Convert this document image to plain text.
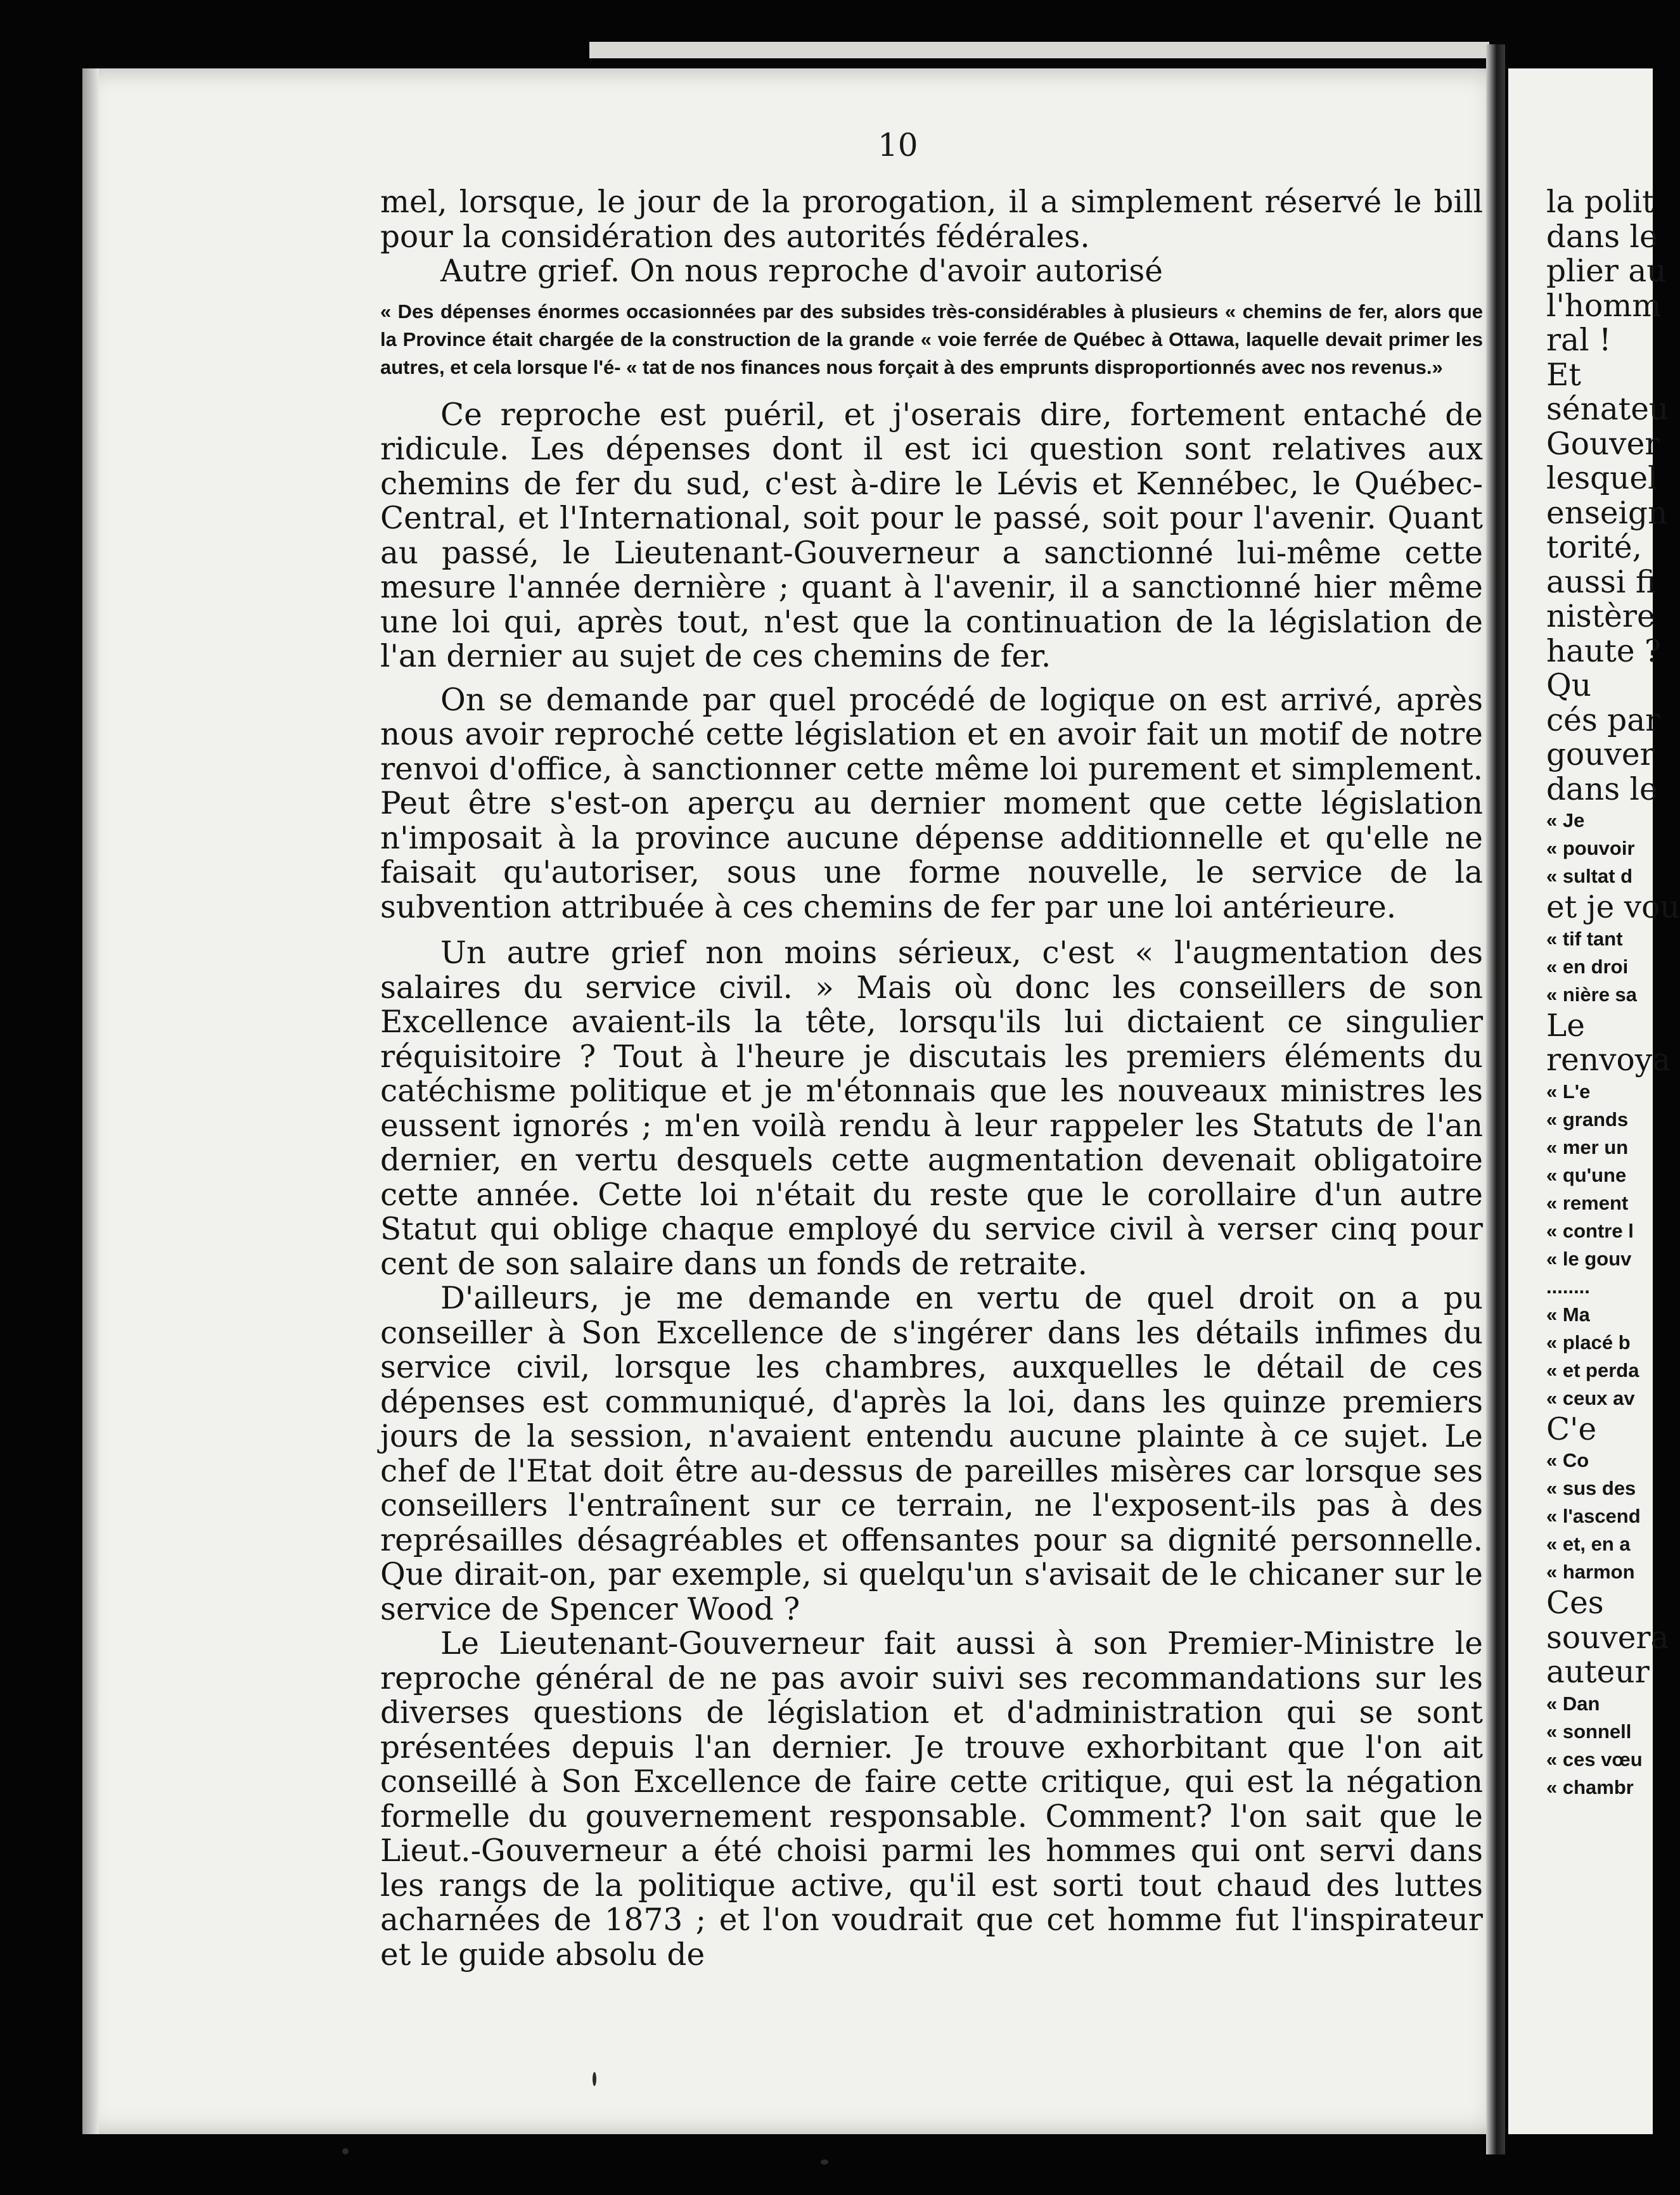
10

mel, lorsque, le jour de la prorogation, il a simplement réservé le bill pour la considération des autorités fédérales.

Autre grief. On nous reproche d'avoir autorisé

« Des dépenses énormes occasionnées par des subsides très-considérables à plusieurs « chemins de fer, alors que la Province était chargée de la construction de la grande « voie ferrée de Québec à Ottawa, laquelle devait primer les autres, et cela lorsque l'é- « tat de nos finances nous forçait à des emprunts disproportionnés avec nos revenus.»

Ce reproche est puéril, et j'oserais dire, fortement entaché de ridicule. Les dépenses dont il est ici question sont relatives aux chemins de fer du sud, c'est à-dire le Lévis et Kennébec, le Québec-Central, et l'International, soit pour le passé, soit pour l'avenir. Quant au passé, le Lieutenant-Gouverneur a sanctionné lui-même cette mesure l'année dernière ; quant à l'avenir, il a sanctionné hier même une loi qui, après tout, n'est que la continuation de la législation de l'an dernier au sujet de ces chemins de fer.

On se demande par quel procédé de logique on est arrivé, après nous avoir reproché cette législation et en avoir fait un motif de notre renvoi d'office, à sanctionner cette même loi purement et simplement. Peut être s'est-on aperçu au dernier moment que cette législation n'imposait à la province aucune dépense additionnelle et qu'elle ne faisait qu'autoriser, sous une forme nouvelle, le service de la subvention attribuée à ces chemins de fer par une loi antérieure.

Un autre grief non moins sérieux, c'est « l'augmentation des salaires du service civil. » Mais où donc les conseillers de son Excellence avaient-ils la tête, lorsqu'ils lui dictaient ce singulier réquisitoire ? Tout à l'heure je discutais les premiers éléments du catéchisme politique et je m'étonnais que les nouveaux ministres les eussent ignorés ; m'en voilà rendu à leur rappeler les Statuts de l'an dernier, en vertu desquels cette augmentation devenait obligatoire cette année. Cette loi n'était du reste que le corollaire d'un autre Statut qui oblige chaque employé du service civil à verser cinq pour cent de son salaire dans un fonds de retraite.

D'ailleurs, je me demande en vertu de quel droit on a pu conseiller à Son Excellence de s'ingérer dans les détails infimes du service civil, lorsque les chambres, auxquelles le détail de ces dépenses est communiqué, d'après la loi, dans les quinze premiers jours de la session, n'avaient entendu aucune plainte à ce sujet. Le chef de l'Etat doit être au-dessus de pareilles misères car lorsque ses conseillers l'entraînent sur ce terrain, ne l'exposent-ils pas à des représailles désagréables et offensantes pour sa dignité personnelle. Que dirait-on, par exemple, si quelqu'un s'avisait de le chicaner sur le service de Spencer Wood ?

Le Lieutenant-Gouverneur fait aussi à son Premier-Ministre le reproche général de ne pas avoir suivi ses recommandations sur les diverses questions de législation et d'administration qui se sont présentées depuis l'an dernier. Je trouve exhorbitant que l'on ait conseillé à Son Excellence de faire cette critique, qui est la négation formelle du gouvernement responsable. Comment? l'on sait que le Lieut.-Gouverneur a été choisi parmi les hommes qui ont servi dans les rangs de la politique active, qu'il est sorti tout chaud des luttes acharnées de 1873 ; et l'on voudrait que cet homme fut l'inspirateur et le guide absolu de

la polit
dans le
plier au
l'homm
ral !
Et
sénateu
Gouver
lesquel
enseign
torité,
aussi fi
nistère
haute ?
Qu
cés par
gouver
dans le
« Je
« pouvoir
« sultat d
et je vou
« tif tant
« en droi
« nière sa
Le
renvoya
« L'e
« grands
« mer un
« qu'une
« rement
« contre l
« le gouv
........
« Ma
« placé b
« et perda
« ceux av
C'e
« Co
« sus des
« l'ascend
« et, en a
« harmon
Ces
souvera
auteur
« Dan
« sonnell
« ces vœu
« chambr
